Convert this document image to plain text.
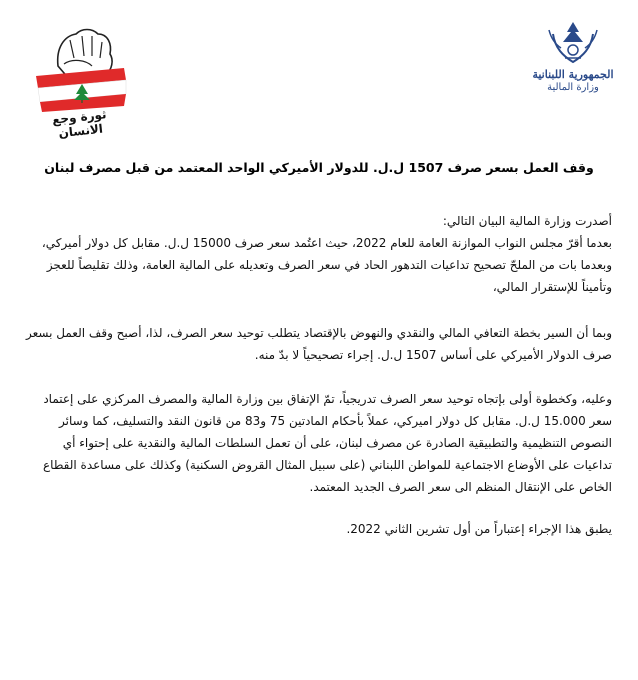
ثورة وجع الانسان
الجمهورية اللبنانية
وزارة المالية
وقف العمل بسعر صرف 1507 ل.ل. للدولار الأميركي الواحد المعتمد من قبل مصرف لبنان

أصدرت وزارة المالية البيان التالي:

بعدما أقرّ مجلس النواب الموازنة العامة للعام 2022، حيث اعتُمد سعر صرف 15000 ل.ل. مقابل كل دولار أميركي، وبعدما بات من الملحّ تصحيح تداعيات التدهور الحاد في سعر الصرف وتعديله على المالية العامة، وذلك تقليصاً للعجز وتأميناً للإستقرار المالي،

وبما أن السير بخطة التعافي المالي والنقدي والنهوض بالإقتصاد يتطلب توحيد سعر الصرف، لذا، أصبح وقف العمل بسعر صرف الدولار الأميركي على أساس 1507 ل.ل. إجراء تصحيحياً لا بدّ منه.

وعليه، وكخطوة أولى بإتجاه توحيد سعر الصرف تدريجياً، تمّ الإتفاق بين وزارة المالية والمصرف المركزي على إعتماد سعر 15.000 ل.ل. مقابل كل دولار اميركي، عملاً بأحكام المادتين 75 و83 من قانون النقد والتسليف، كما وسائر النصوص التنظيمية والتطبيقية الصادرة عن مصرف لبنان، على أن تعمل السلطات المالية والنقدية على إحتواء أي تداعيات على الأوضاع الاجتماعية للمواطن اللبناني (على سبيل المثال القروض السكنية) وكذلك على مساعدة القطاع الخاص على الإنتقال المنظم الى سعر الصرف الجديد المعتمد.

يطبق هذا الإجراء إعتباراً من أول تشرين الثاني 2022.
